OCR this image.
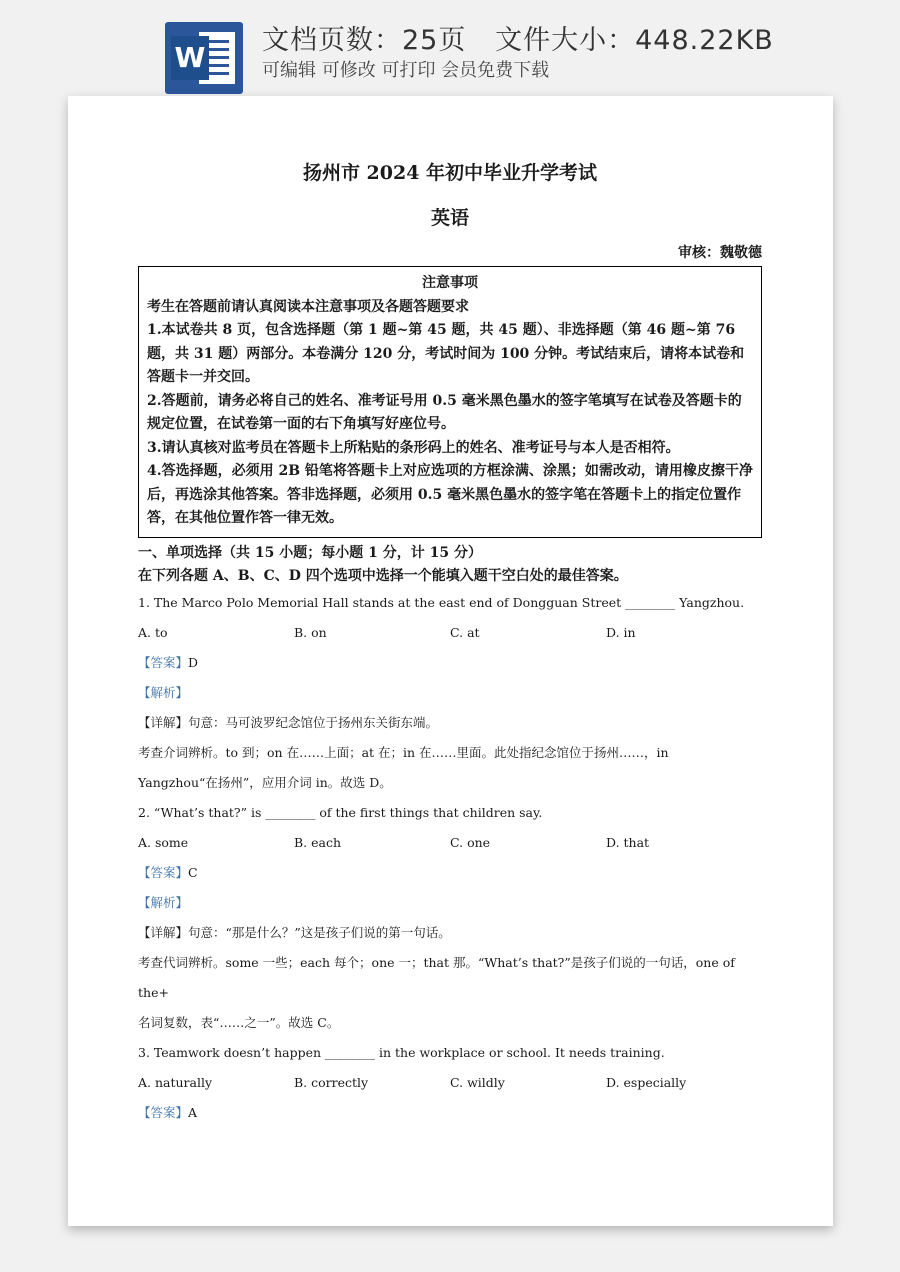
W
文档页数：25页   文件大小：448.22KB
可编辑 可修改 可打印 会员免费下载
扬州市 2024 年初中毕业升学考试
英语
审核：魏敬德
注意事项
考生在答题前请认真阅读本注意事项及各题答题要求
1.本试卷共 8 页，包含选择题（第 1 题~第 45 题，共 45 题）、非选择题（第 46 题~第 76 题，共 31 题）两部分。本卷满分 120 分，考试时间为 100 分钟。考试结束后，请将本试卷和答题卡一并交回。
2.答题前，请务必将自己的姓名、准考证号用 0.5 毫米黑色墨水的签字笔填写在试卷及答题卡的规定位置，在试卷第一面的右下角填写好座位号。
3.请认真核对监考员在答题卡上所粘贴的条形码上的姓名、准考证号与本人是否相符。
4.答选择题，必须用 2B 铅笔将答题卡上对应选项的方框涂满、涂黑；如需改动，请用橡皮擦干净后，再选涂其他答案。答非选择题，必须用 0.5 毫米黑色墨水的签字笔在答题卡上的指定位置作答，在其他位置作答一律无效。
一、单项选择（共 15 小题；每小题 1 分，计 15 分）
在下列各题 A、B、C、D 四个选项中选择一个能填入题干空白处的最佳答案。
1. The Marco Polo Memorial Hall stands at the east end of Dongguan Street ________ Yangzhou.
A. to	B. on	C. at	D. in
【答案】D
【解析】
【详解】句意：马可波罗纪念馆位于扬州东关街东端。
考查介词辨析。to 到；on 在……上面；at 在；in 在……里面。此处指纪念馆位于扬州……，in
Yangzhou“在扬州”，应用介词 in。故选 D。
2. “What’s that?” is ________ of the first things that children say.
A. some	B. each	C. one	D. that
【答案】C
【解析】
【详解】句意：“那是什么？”这是孩子们说的第一句话。
考查代词辨析。some 一些；each 每个；one 一；that 那。“What’s that?”是孩子们说的一句话，one of the+
名词复数，表“……之一”。故选 C。
3. Teamwork doesn’t happen ________ in the workplace or school. It needs training.
A. naturally	B. correctly	C. wildly	D. especially
【答案】A
